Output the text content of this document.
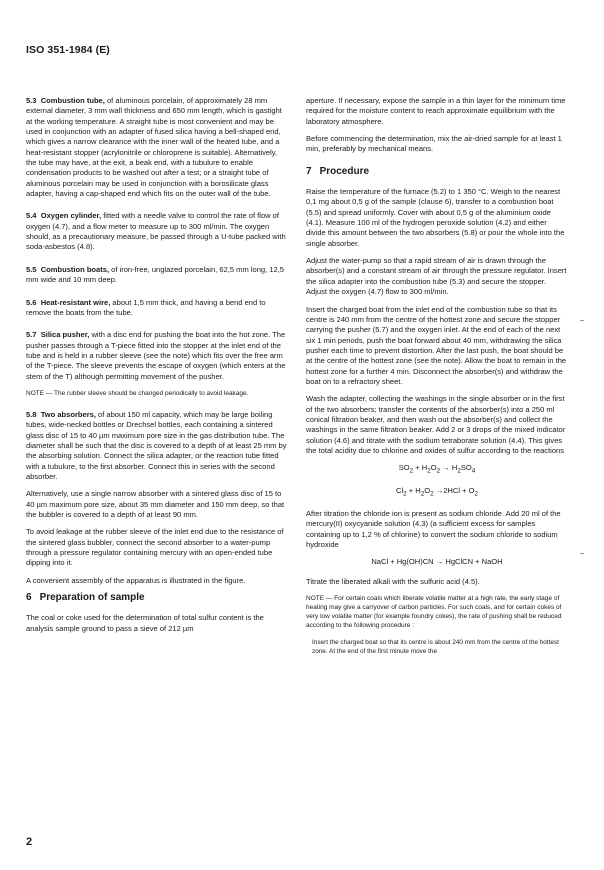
ISO 351-1984 (E)

5.3 Combustion tube, of aluminous porcelain, of approximately 28 mm external diameter, 3 mm wall thickness and 650 mm length, which is gastight at the working temperature. A straight tube is most convenient and may be used in conjunction with an adapter of fused silica having a bell-shaped end, which gives a narrow clearance with the inner wall of the heated tube, and a heat-resistant stopper (acrylonitrile or chloroprene is suitable). Alternatively, the tube may have, at the exit, a beak end, with a tubulure to enable condensation products to be washed out after a test; or a straight tube of aluminous porcelain may be used in conjunction with a borosilicate glass adapter, having a cap-shaped end which fits on the outer wall of the tube.

5.4 Oxygen cylinder, fitted with a needle valve to control the rate of flow of oxygen (4.7), and a flow meter to measure up to 300 ml/min. The oxygen should, as a precautionary measure, be passed through a U-tube packed with soda-asbestos (4.8).

5.5 Combustion boats, of iron-free, unglazed porcelain, 62,5 mm long, 12,5 mm wide and 10 mm deep.

5.6 Heat-resistant wire, about 1,5 mm thick, and having a bend end to remove the boats from the tube.

5.7 Silica pusher, with a disc end for pushing the boat into the hot zone. The pusher passes through a T-piece fitted into the stopper at the inlet end of the tube and is held in a rubber sleeve (see the note) which fits over the free arm of the T-piece. The sleeve prevents the escape of oxygen (which enters at the stem of the T) although permitting movement of the pusher.

NOTE — The rubber sleeve should be changed periodically to avoid leakage.

5.8 Two absorbers, of about 150 ml capacity, which may be large boiling tubes, wide-necked bottles or Drechsel bottles, each containing a sintered glass disc of 15 to 40 µm maximum pore size in the gas distribution tube. The diameter shall be such that the disc is covered to a depth of at least 25 mm by the absorbing solution. Connect the silica adapter, or the reaction tube fitted with a tubulure, to the first absorber. Connect this in series with the second absorber.

Alternatively, use a single narrow absorber with a sintered glass disc of 15 to 40 µm maximum pore size, about 35 mm diameter and 150 mm deep, so that the bubbler is covered to a depth of at least 90 mm.

To avoid leakage at the rubber sleeve of the inlet end due to the resistance of the sintered glass bubbler, connect the second absorber to a water-pump through a pressure regulator containing mercury with an open-ended tube dipping into it.

A convenient assembly of the apparatus is illustrated in the figure.

6 Preparation of sample

The coal or coke used for the determination of total sulfur content is the analysis sample ground to pass a sieve of 212 µm

aperture. If necessary, expose the sample in a thin layer for the minimum time required for the moisture content to reach approximate equilibrium with the laboratory atmosphere.

Before commencing the determination, mix the air-dried sample for at least 1 min, preferably by mechanical means.

7 Procedure

Raise the temperature of the furnace (5.2) to 1 350 °C. Weigh to the nearest 0,1 mg about 0,5 g of the sample (clause 6), transfer to a combustion boat (5.5) and spread uniformly. Cover with about 0,5 g of the aluminium oxide (4.1). Measure 100 ml of the hydrogen peroxide solution (4.2) and either divide this amount between the two absorbers (5.8) or pour the whole into the single absorber.

Adjust the water-pump so that a rapid stream of air is drawn through the absorber(s) and a constant stream of air through the pressure regulator. Insert the silica adapter into the combustion tube (5.3) and secure the stopper. Adjust the oxygen (4.7) flow to 300 ml/min.

Insert the charged boat from the inlet end of the combustion tube so that its centre is 240 mm from the centre of the hottest zone and secure the stopper carrying the pusher (5.7) and the oxygen inlet. At the end of each of the next six 1 min periods, push the boat forward about 40 mm, withdrawing the silica pusher each time to prevent distortion. After the last push, the boat should be at the centre of the hottest zone (see the note). Allow the boat to remain in the hottest zone for a further 4 min. Disconnect the absorber(s) and withdraw the boat on to a refractory sheet.

Wash the adapter, collecting the washings in the single absorber or in the first of the two absorbers; transfer the contents of the absorber(s) into a 250 ml conical filtration beaker, and then wash out the absorber(s) and collect the washings in the same filtration beaker. Add 2 or 3 drops of the mixed indicator solution (4.6) and titrate with the sodium tetraborate solution (4.4). This gives the total acidity due to chlorine and oxides of sulfur according to the reactions

$SO_2 + H_2O_2 \to H_2SO_4$
$Cl_2 + H_2O_2 \to 2HCl + O_2$

After titration the chloride ion is present as sodium chloride. Add 20 ml of the mercury(II) oxycyanide solution (4.3) (a sufficient excess for samples containing up to 1,2 % of chlorine) to convert the sodium chloride to sodium hydroxide

NaCl + Hg(OH)CN → HgClCN + NaOH

Titrate the liberated alkali with the sulfuric acid (4.5).

NOTE — For certain coals which liberate volatile matter at a high rate, the early stage of heating may give a carryover of carbon particles. For such coals, and for certain cokes of very low volatile matter (for example foundry cokes), the rate of pushing shall be reduced according to the following procedure :

Insert the charged boat so that its centre is about 240 mm from the centre of the hottest zone. At the end of the first minute move the

2
